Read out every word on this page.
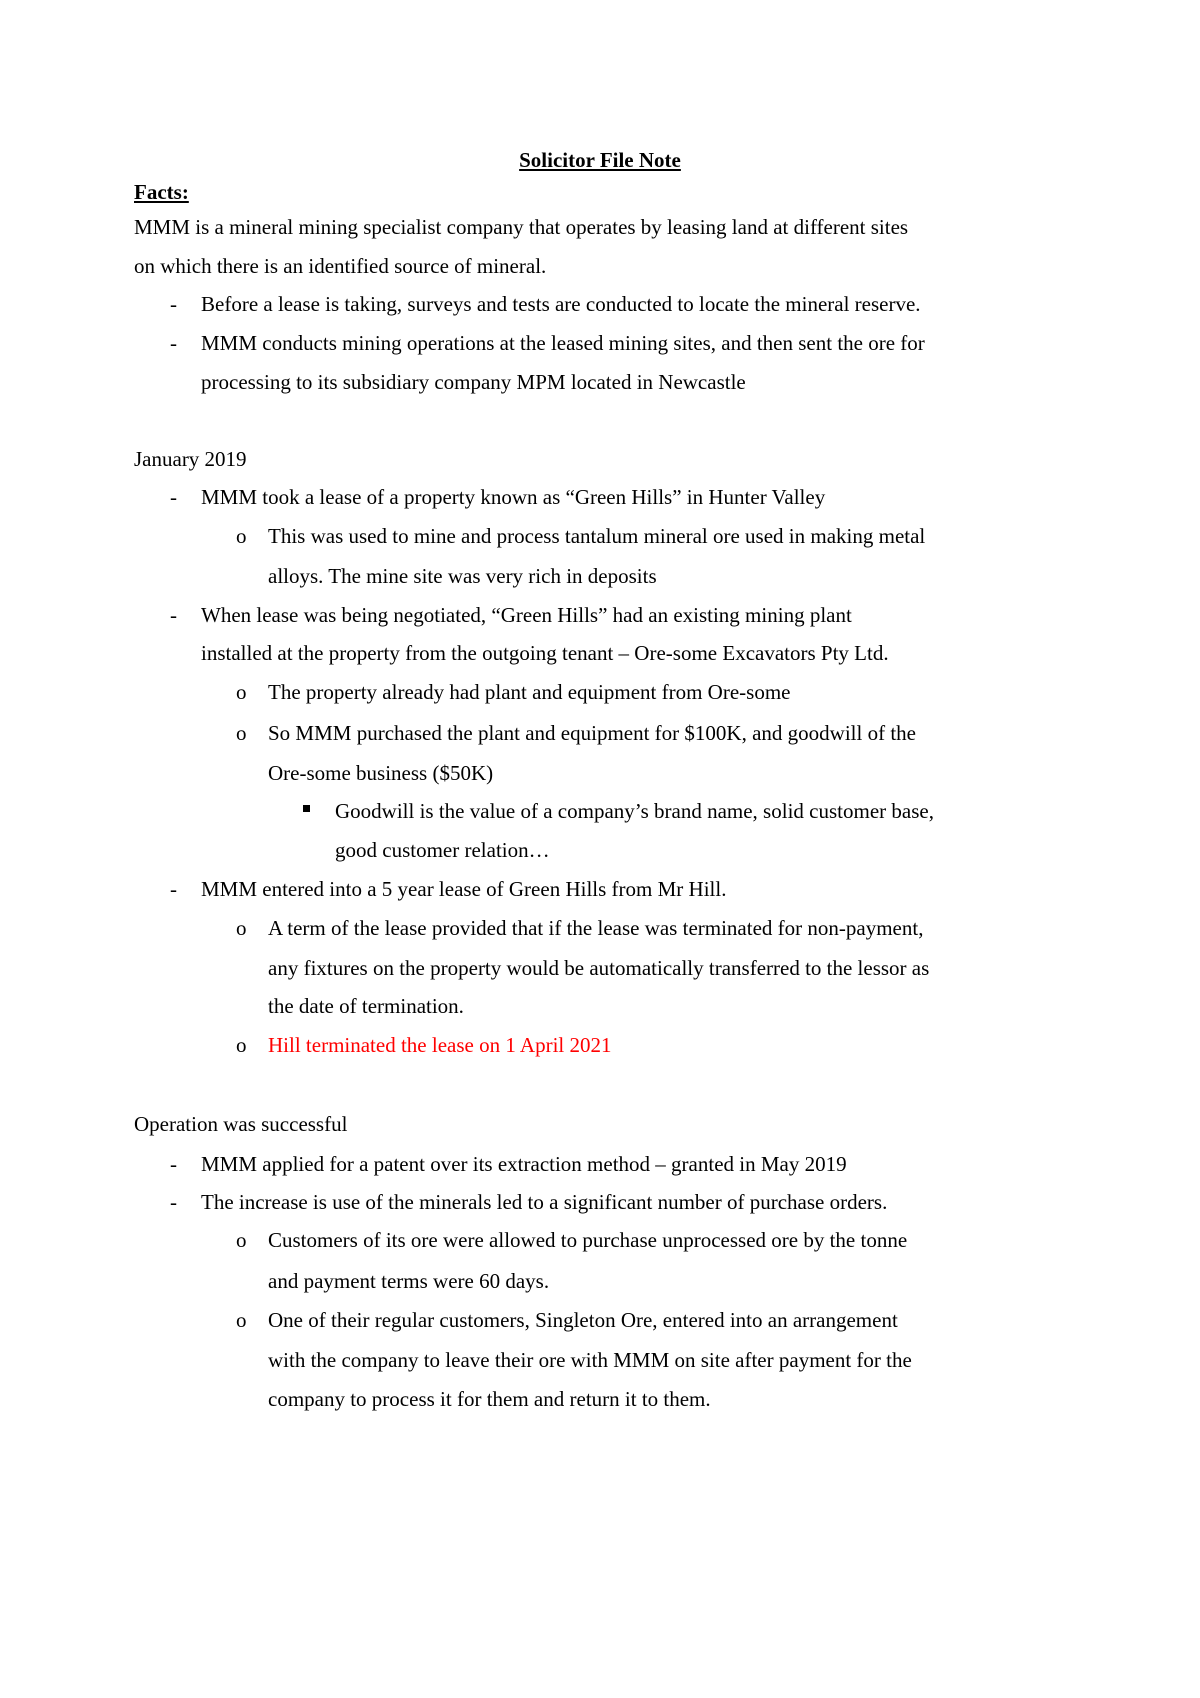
Solicitor File Note
Facts:
MMM is a mineral mining specialist company that operates by leasing land at different sites
on which there is an identified source of mineral.
- Before a lease is taking, surveys and tests are conducted to locate the mineral reserve.
- MMM conducts mining operations at the leased mining sites, and then sent the ore for
processing to its subsidiary company MPM located in Newcastle
January 2019
- MMM took a lease of a property known as “Green Hills” in Hunter Valley
o This was used to mine and process tantalum mineral ore used in making metal
alloys. The mine site was very rich in deposits
- When lease was being negotiated, “Green Hills” had an existing mining plant
installed at the property from the outgoing tenant – Ore-some Excavators Pty Ltd.
o The property already had plant and equipment from Ore-some
o So MMM purchased the plant and equipment for $100K, and goodwill of the
Ore-some business ($50K)
Goodwill is the value of a company’s brand name, solid customer base,
good customer relation…
- MMM entered into a 5 year lease of Green Hills from Mr Hill.
o A term of the lease provided that if the lease was terminated for non-payment,
any fixtures on the property would be automatically transferred to the lessor as
the date of termination.
o Hill terminated the lease on 1 April 2021
Operation was successful
- MMM applied for a patent over its extraction method – granted in May 2019
- The increase is use of the minerals led to a significant number of purchase orders.
o Customers of its ore were allowed to purchase unprocessed ore by the tonne
and payment terms were 60 days.
o One of their regular customers, Singleton Ore, entered into an arrangement
with the company to leave their ore with MMM on site after payment for the
company to process it for them and return it to them.
